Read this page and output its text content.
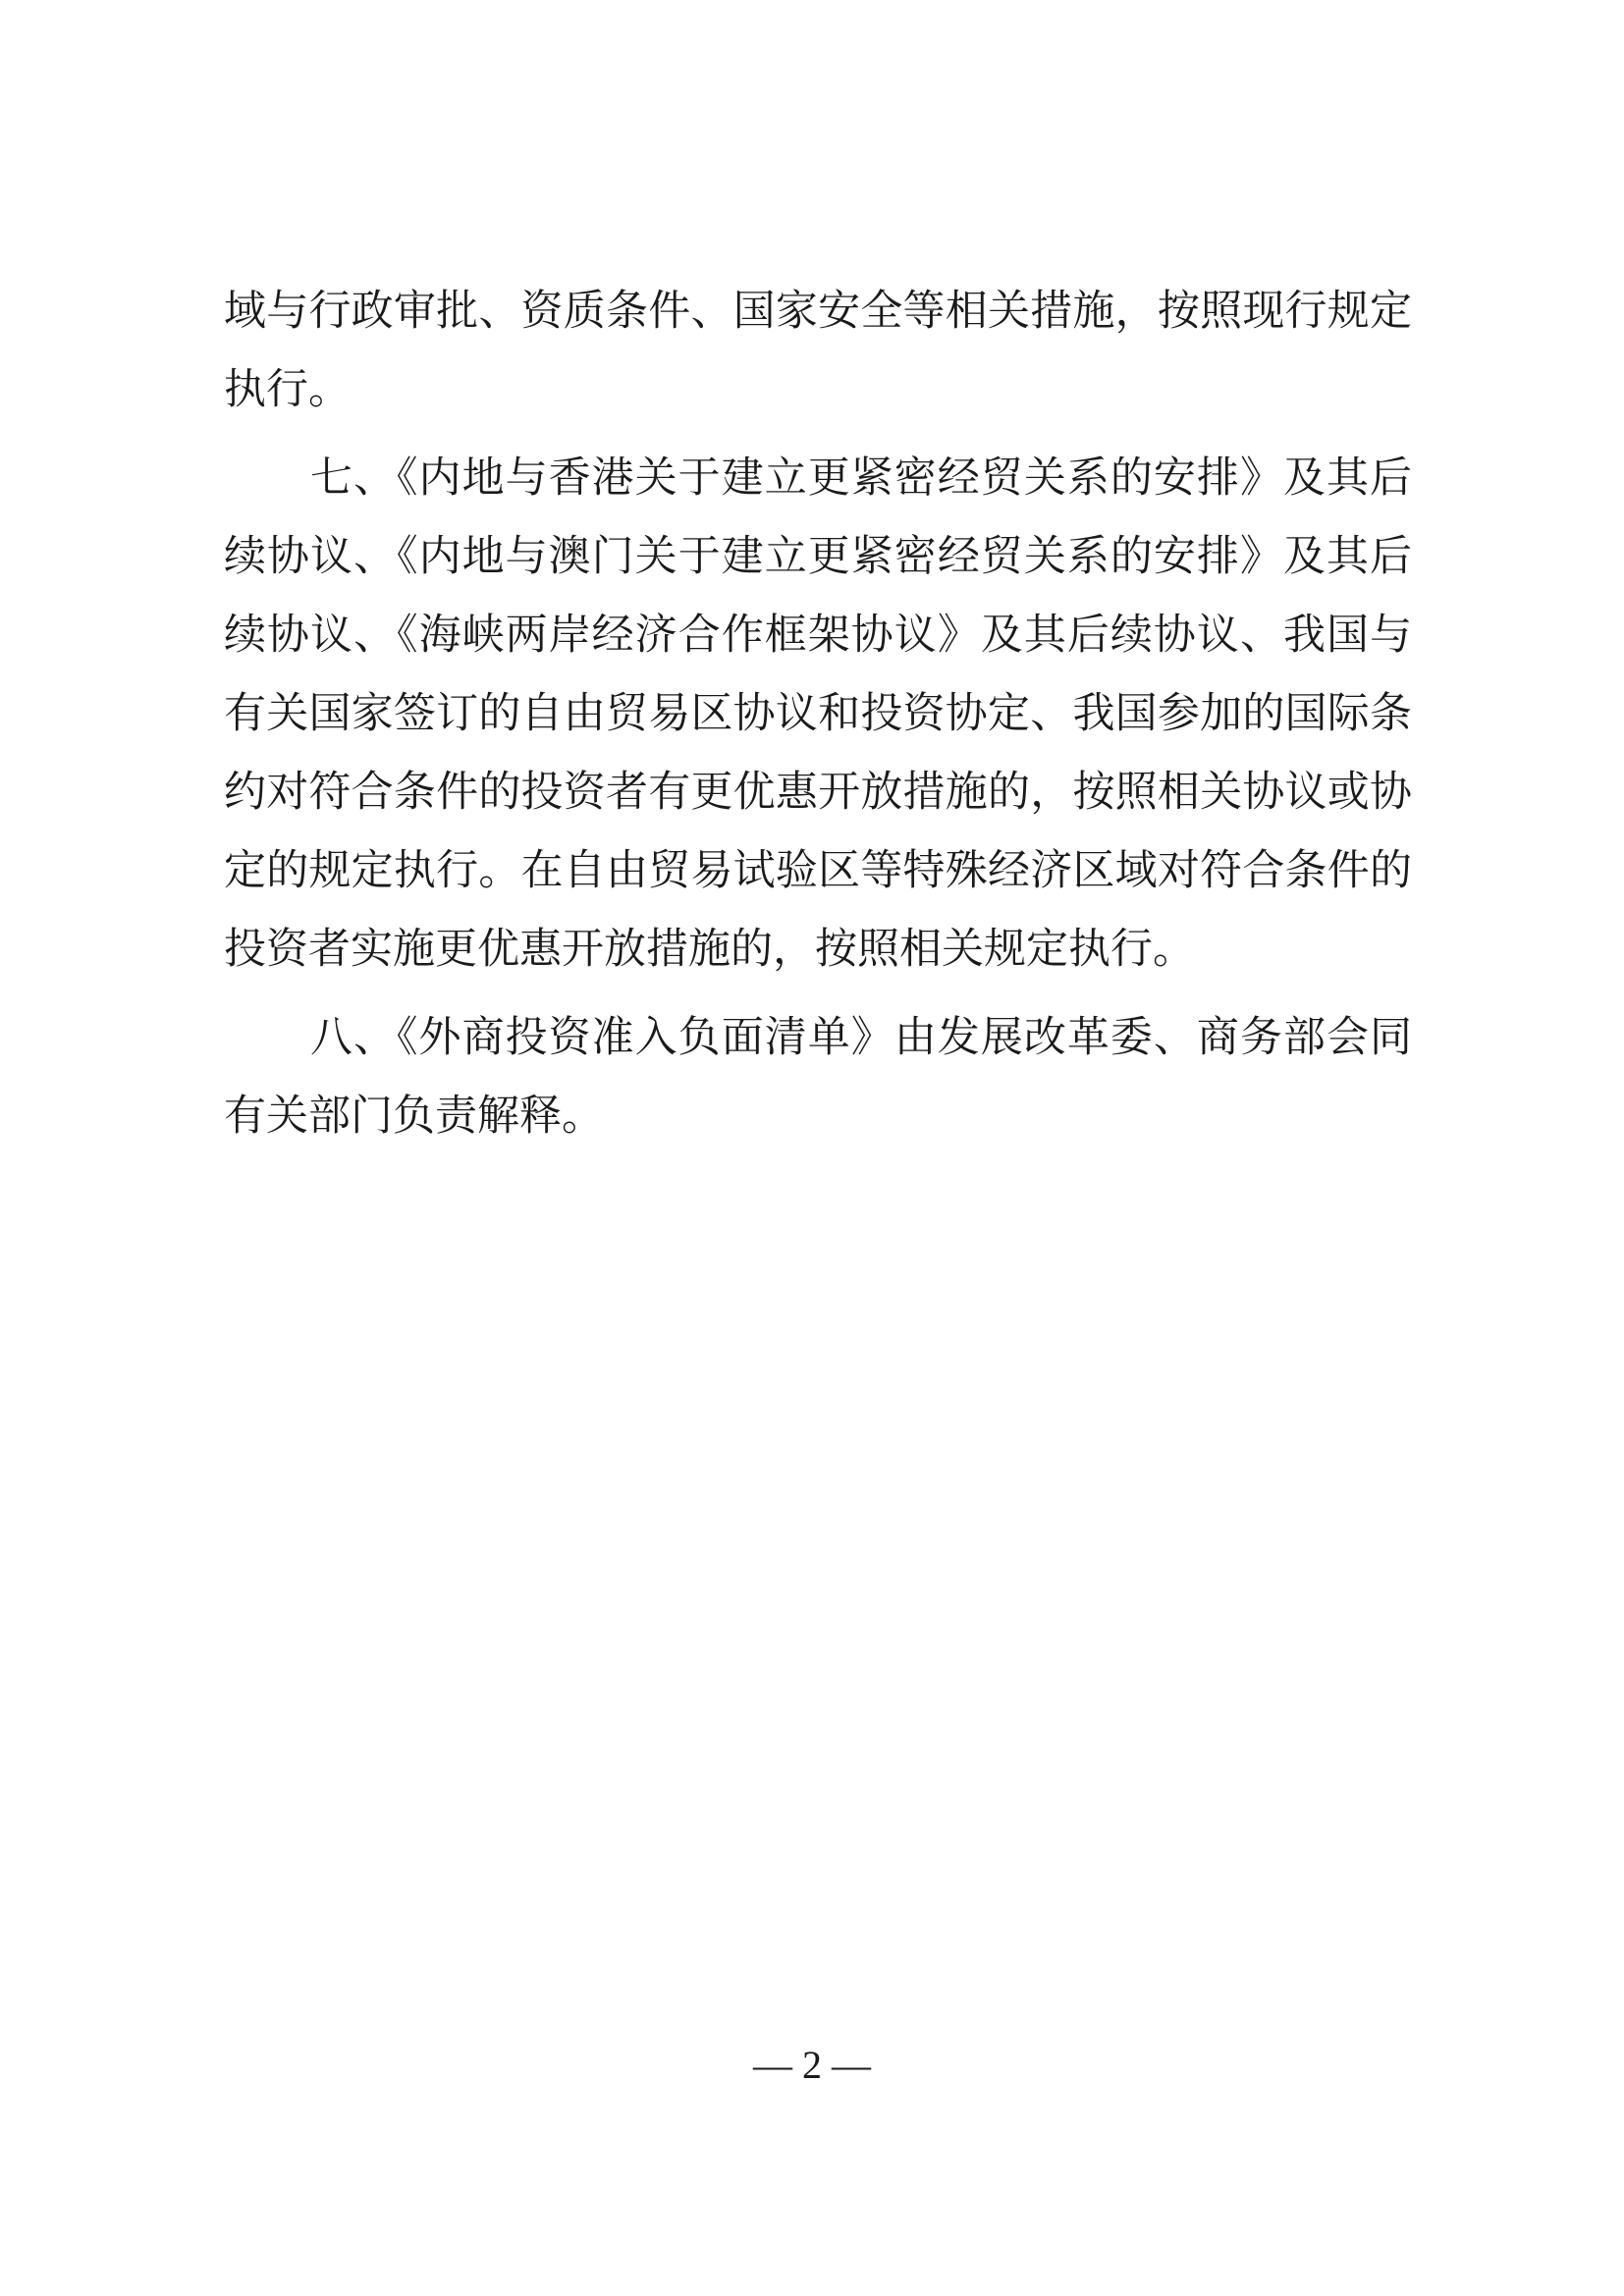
域与行政审批、资质条件、国家安全等相关措施，按照现行规定

执行。

七、《内地与香港关于建立更紧密经贸关系的安排》及其后

续协议、《内地与澳门关于建立更紧密经贸关系的安排》及其后

续协议、《海峡两岸经济合作框架协议》及其后续协议、我国与

有关国家签订的自由贸易区协议和投资协定、我国参加的国际条

约对符合条件的投资者有更优惠开放措施的，按照相关协议或协

定的规定执行。在自由贸易试验区等特殊经济区域对符合条件的

投资者实施更优惠开放措施的，按照相关规定执行。

八、《外商投资准入负面清单》由发展改革委、商务部会同

有关部门负责解释。

— 2 —
